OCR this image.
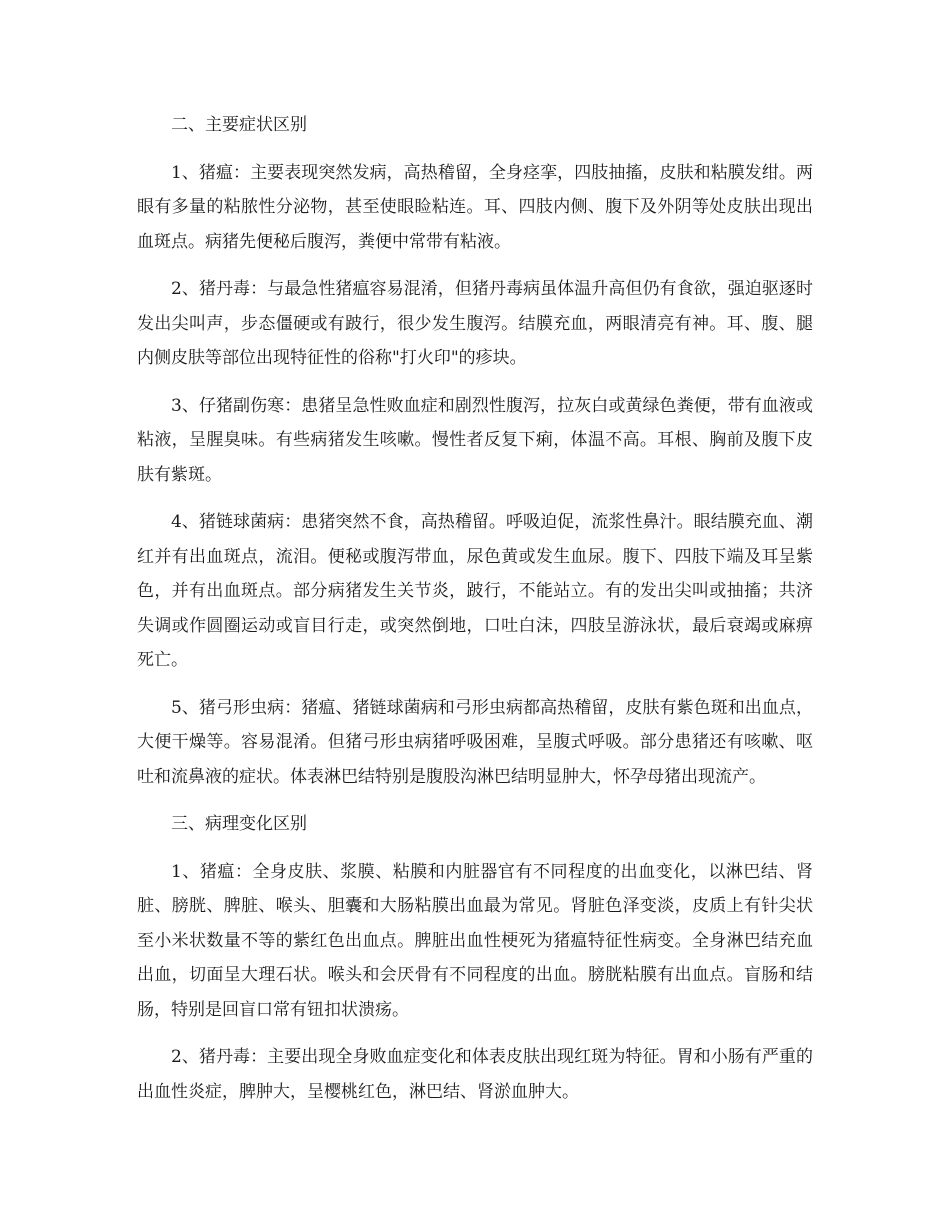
二、主要症状区别

1、猪瘟：主要表现突然发病，高热稽留，全身痉挛，四肢抽搐，皮肤和粘膜发绀。两眼有多量的粘脓性分泌物，甚至使眼睑粘连。耳、四肢内侧、腹下及外阴等处皮肤出现出血斑点。病猪先便秘后腹泻，粪便中常带有粘液。

2、猪丹毒：与最急性猪瘟容易混淆，但猪丹毒病虽体温升高但仍有食欲，强迫驱逐时发出尖叫声，步态僵硬或有跛行，很少发生腹泻。结膜充血，两眼清亮有神。耳、腹、腿内侧皮肤等部位出现特征性的俗称"打火印"的疹块。

3、仔猪副伤寒：患猪呈急性败血症和剧烈性腹泻，拉灰白或黄绿色粪便，带有血液或粘液，呈腥臭味。有些病猪发生咳嗽。慢性者反复下痢，体温不高。耳根、胸前及腹下皮肤有紫斑。

4、猪链球菌病：患猪突然不食，高热稽留。呼吸迫促，流浆性鼻汁。眼结膜充血、潮红并有出血斑点，流泪。便秘或腹泻带血，尿色黄或发生血尿。腹下、四肢下端及耳呈紫色，并有出血斑点。部分病猪发生关节炎，跛行，不能站立。有的发出尖叫或抽搐；共济失调或作圆圈运动或盲目行走，或突然倒地，口吐白沫，四肢呈游泳状，最后衰竭或麻痹死亡。

5、猪弓形虫病：猪瘟、猪链球菌病和弓形虫病都高热稽留，皮肤有紫色斑和出血点，大便干燥等。容易混淆。但猪弓形虫病猪呼吸困难，呈腹式呼吸。部分患猪还有咳嗽、呕吐和流鼻液的症状。体表淋巴结特别是腹股沟淋巴结明显肿大，怀孕母猪出现流产。

三、病理变化区别

1、猪瘟：全身皮肤、浆膜、粘膜和内脏器官有不同程度的出血变化，以淋巴结、肾脏、膀胱、脾脏、喉头、胆囊和大肠粘膜出血最为常见。肾脏色泽变淡，皮质上有针尖状至小米状数量不等的紫红色出血点。脾脏出血性梗死为猪瘟特征性病变。全身淋巴结充血出血，切面呈大理石状。喉头和会厌骨有不同程度的出血。膀胱粘膜有出血点。盲肠和结肠，特别是回盲口常有钮扣状溃疡。

2、猪丹毒：主要出现全身败血症变化和体表皮肤出现红斑为特征。胃和小肠有严重的出血性炎症，脾肿大，呈樱桃红色，淋巴结、肾淤血肿大。
